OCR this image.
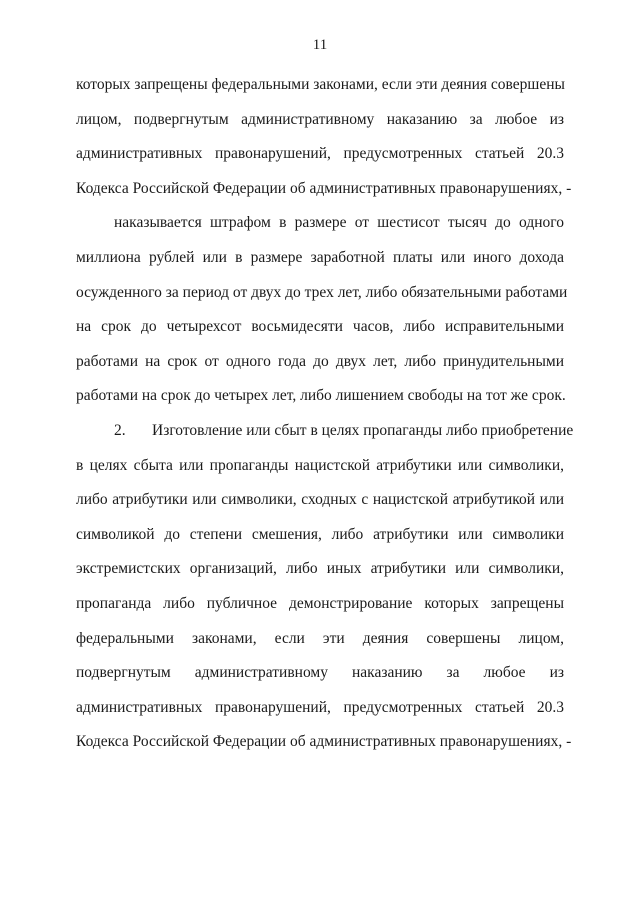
11
которых запрещены федеральными законами, если эти деяния совершены
лицом, подвергнутым административному наказанию за любое из
административных правонарушений, предусмотренных статьей 20.3
Кодекса Российской Федерации об административных правонарушениях, -
наказывается штрафом в размере от шестисот тысяч до одного
миллиона рублей или в размере заработной платы или иного дохода
осужденного за период от двух до трех лет, либо обязательными работами
на срок до четырехсот восьмидесяти часов, либо исправительными
работами на срок от одного года до двух лет, либо принудительными
работами на срок до четырех лет, либо лишением свободы на тот же срок.
2. Изготовление или сбыт в целях пропаганды либо приобретение
в целях сбыта или пропаганды нацистской атрибутики или символики,
либо атрибутики или символики, сходных с нацистской атрибутикой или
символикой до степени смешения, либо атрибутики или символики
экстремистских организаций, либо иных атрибутики или символики,
пропаганда либо публичное демонстрирование которых запрещены
федеральными законами, если эти деяния совершены лицом,
подвергнутым административному наказанию за любое из
административных правонарушений, предусмотренных статьей 20.3
Кодекса Российской Федерации об административных правонарушениях, -
